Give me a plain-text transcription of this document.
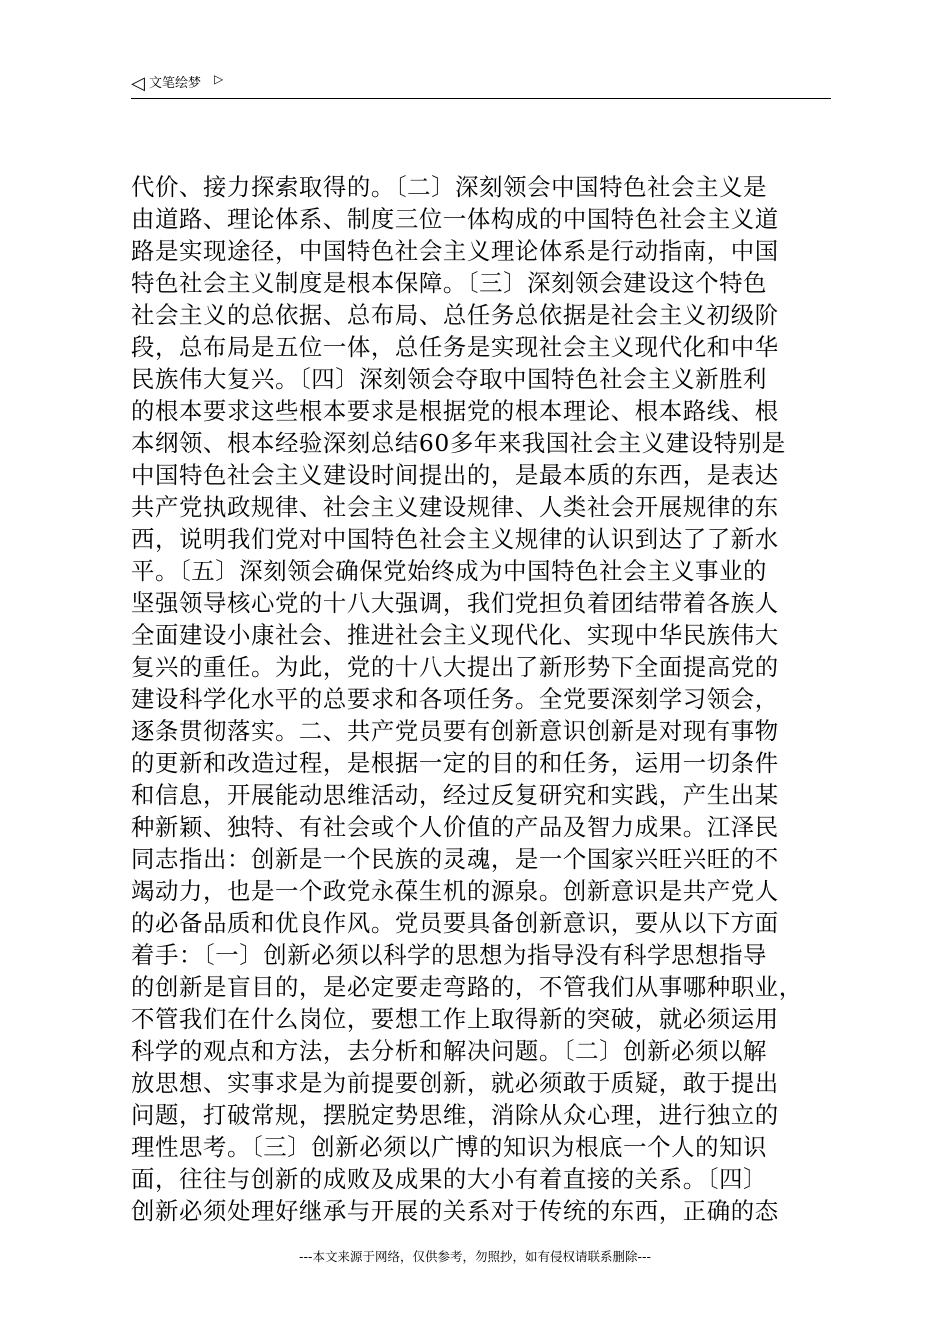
◁ 文笔绘梦 ▷
代价、接力探索取得的。〔二〕深刻领会中国特色社会主义是
由道路、理论体系、制度三位一体构成的中国特色社会主义道
路是实现途径，中国特色社会主义理论体系是行动指南，中国
特色社会主义制度是根本保障。〔三〕深刻领会建设这个特色
社会主义的总依据、总布局、总任务总依据是社会主义初级阶
段，总布局是五位一体，总任务是实现社会主义现代化和中华
民族伟大复兴。〔四〕深刻领会夺取中国特色社会主义新胜利
的根本要求这些根本要求是根据党的根本理论、根本路线、根
本纲领、根本经验深刻总结60多年来我国社会主义建设特别是
中国特色社会主义建设时间提出的，是最本质的东西，是表达
共产党执政规律、社会主义建设规律、人类社会开展规律的东
西，说明我们党对中国特色社会主义规律的认识到达了了新水
平。〔五〕深刻领会确保党始终成为中国特色社会主义事业的
坚强领导核心党的十八大强调，我们党担负着团结带着各族人
全面建设小康社会、推进社会主义现代化、实现中华民族伟大
复兴的重任。为此，党的十八大提出了新形势下全面提高党的
建设科学化水平的总要求和各项任务。全党要深刻学习领会，
逐条贯彻落实。二、共产党员要有创新意识创新是对现有事物
的更新和改造过程，是根据一定的目的和任务，运用一切条件
和信息，开展能动思维活动，经过反复研究和实践，产生出某
种新颖、独特、有社会或个人价值的产品及智力成果。江泽民
同志指出：创新是一个民族的灵魂，是一个国家兴旺兴旺的不
竭动力，也是一个政党永葆生机的源泉。创新意识是共产党人
的必备品质和优良作风。党员要具备创新意识，要从以下方面
着手：〔一〕创新必须以科学的思想为指导没有科学思想指导
的创新是盲目的，是必定要走弯路的，不管我们从事哪种职业，
不管我们在什么岗位，要想工作上取得新的突破，就必须运用
科学的观点和方法，去分析和解决问题。〔二〕创新必须以解
放思想、实事求是为前提要创新，就必须敢于质疑，敢于提出
问题，打破常规，摆脱定势思维，消除从众心理，进行独立的
理性思考。〔三〕创新必须以广博的知识为根底一个人的知识
面，往往与创新的成败及成果的大小有着直接的关系。〔四〕
创新必须处理好继承与开展的关系对于传统的东西，正确的态
---本文来源于网络，仅供参考，勿照抄，如有侵权请联系删除---
